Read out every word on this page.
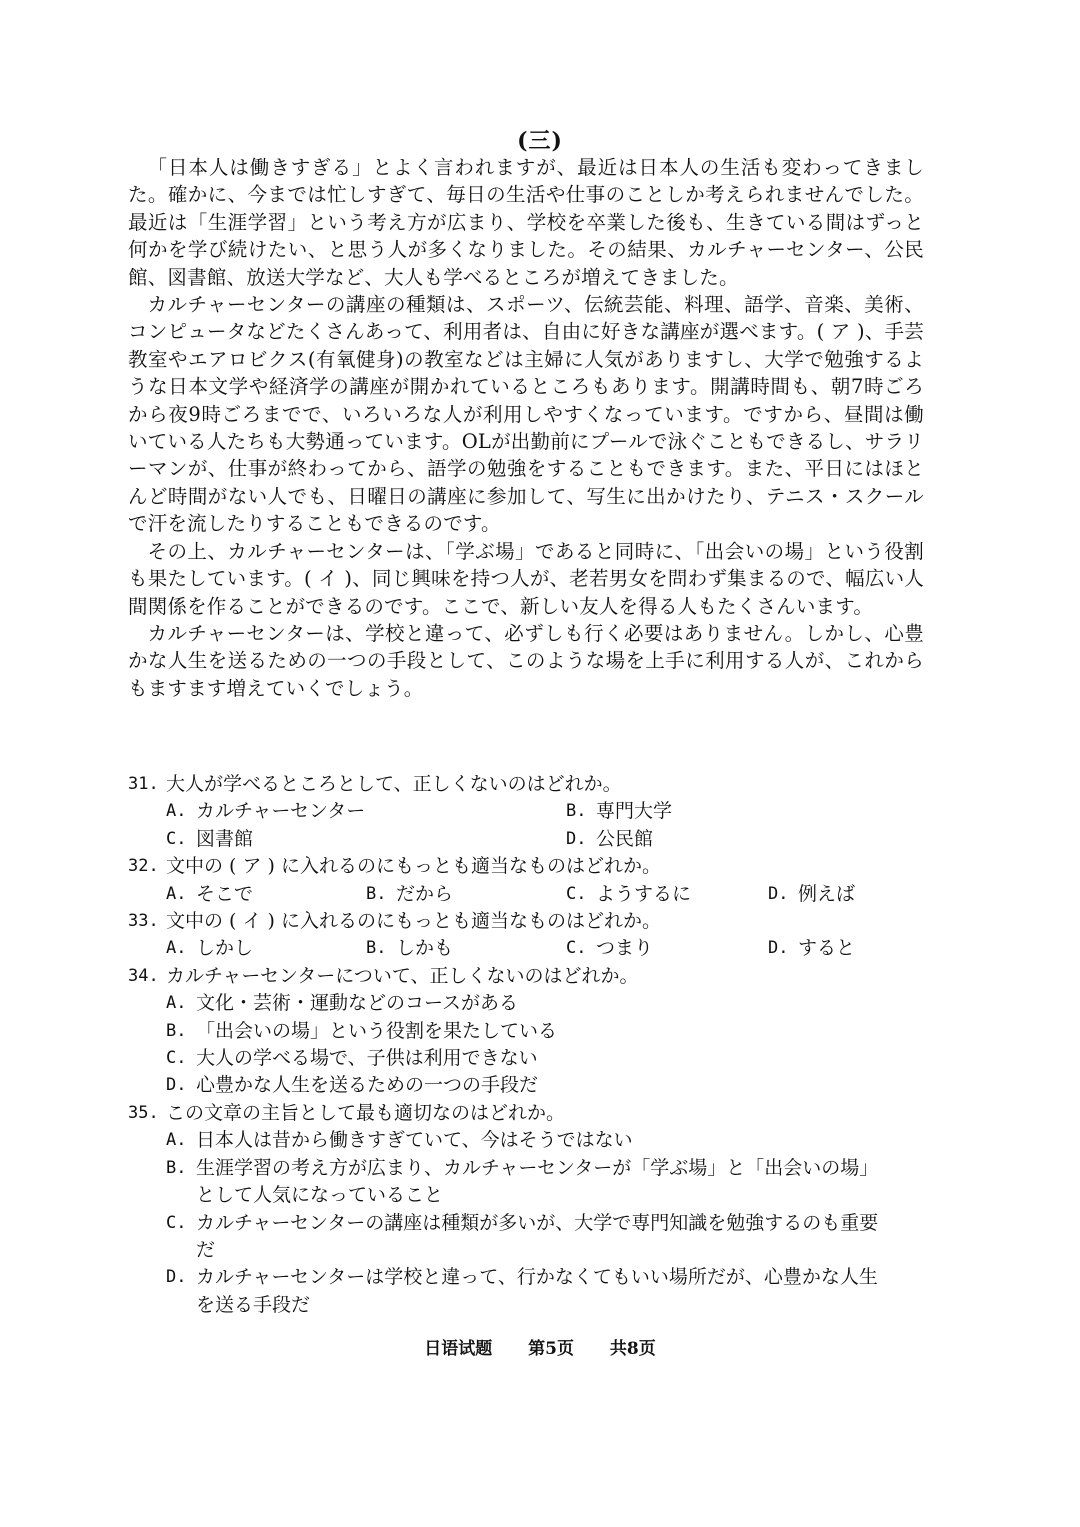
(三)

「日本人は働きすぎる」とよく言われますが、最近は日本人の生活も変わってきました。確かに、今までは忙しすぎて、毎日の生活や仕事のことしか考えられませんでした。最近は「生涯学習」という考え方が広まり、学校を卒業した後も、生きている間はずっと何かを学び続けたい、と思う人が多くなりました。その結果、カルチャーセンター、公民館、図書館、放送大学など、大人も学べるところが増えてきました。

カルチャーセンターの講座の種類は、スポーツ、伝統芸能、料理、語学、音楽、美術、コンピュータなどたくさんあって、利用者は、自由に好きな講座が選べます。( ア )、手芸教室やエアロビクス(有氧健身)の教室などは主婦に人気がありますし、大学で勉強するような日本文学や経済学の講座が開かれているところもあります。開講時間も、朝7時ごろから夜9時ごろまでで、いろいろな人が利用しやすくなっています。ですから、昼間は働いている人たちも大勢通っています。OLが出勤前にプールで泳ぐこともできるし、サラリーマンが、仕事が終わってから、語学の勉強をすることもできます。また、平日にはほとんど時間がない人でも、日曜日の講座に参加して、写生に出かけたり、テニス・スクールで汗を流したりすることもできるのです。

その上、カルチャーセンターは、「学ぶ場」であると同時に、「出会いの場」という役割も果たしています。( イ )、同じ興味を持つ人が、老若男女を問わず集まるので、幅広い人間関係を作ることができるのです。ここで、新しい友人を得る人もたくさんいます。

カルチャーセンターは、学校と違って、必ずしも行く必要はありません。しかし、心豊かな人生を送るための一つの手段として、このような場を上手に利用する人が、これからもますます増えていくでしょう。

31. 大人が学べるところとして、正しくないのはどれか。
A. カルチャーセンター	B. 専門大学
C. 図書館	D. 公民館
32. 文中の ( ア ) に入れるのにもっとも適当なものはどれか。
A. そこで	B. だから	C. ようするに	D. 例えば
33. 文中の ( イ ) に入れるのにもっとも適当なものはどれか。
A. しかし	B. しかも	C. つまり	D. すると
34. カルチャーセンターについて、正しくないのはどれか。
A. 文化・芸術・運動などのコースがある
B. 「出会いの場」という役割を果たしている
C. 大人の学べる場で、子供は利用できない
D. 心豊かな人生を送るための一つの手段だ
35. この文章の主旨として最も適切なのはどれか。
A. 日本人は昔から働きすぎていて、今はそうではない
B. 生涯学習の考え方が広まり、カルチャーセンターが「学ぶ場」と「出会いの場」として人気になっていること
C. カルチャーセンターの講座は種類が多いが、大学で専門知識を勉強するのも重要だ
D. カルチャーセンターは学校と違って、行かなくてもいい場所だが、心豊かな人生を送る手段だ
日语试题 第5页 共8页
